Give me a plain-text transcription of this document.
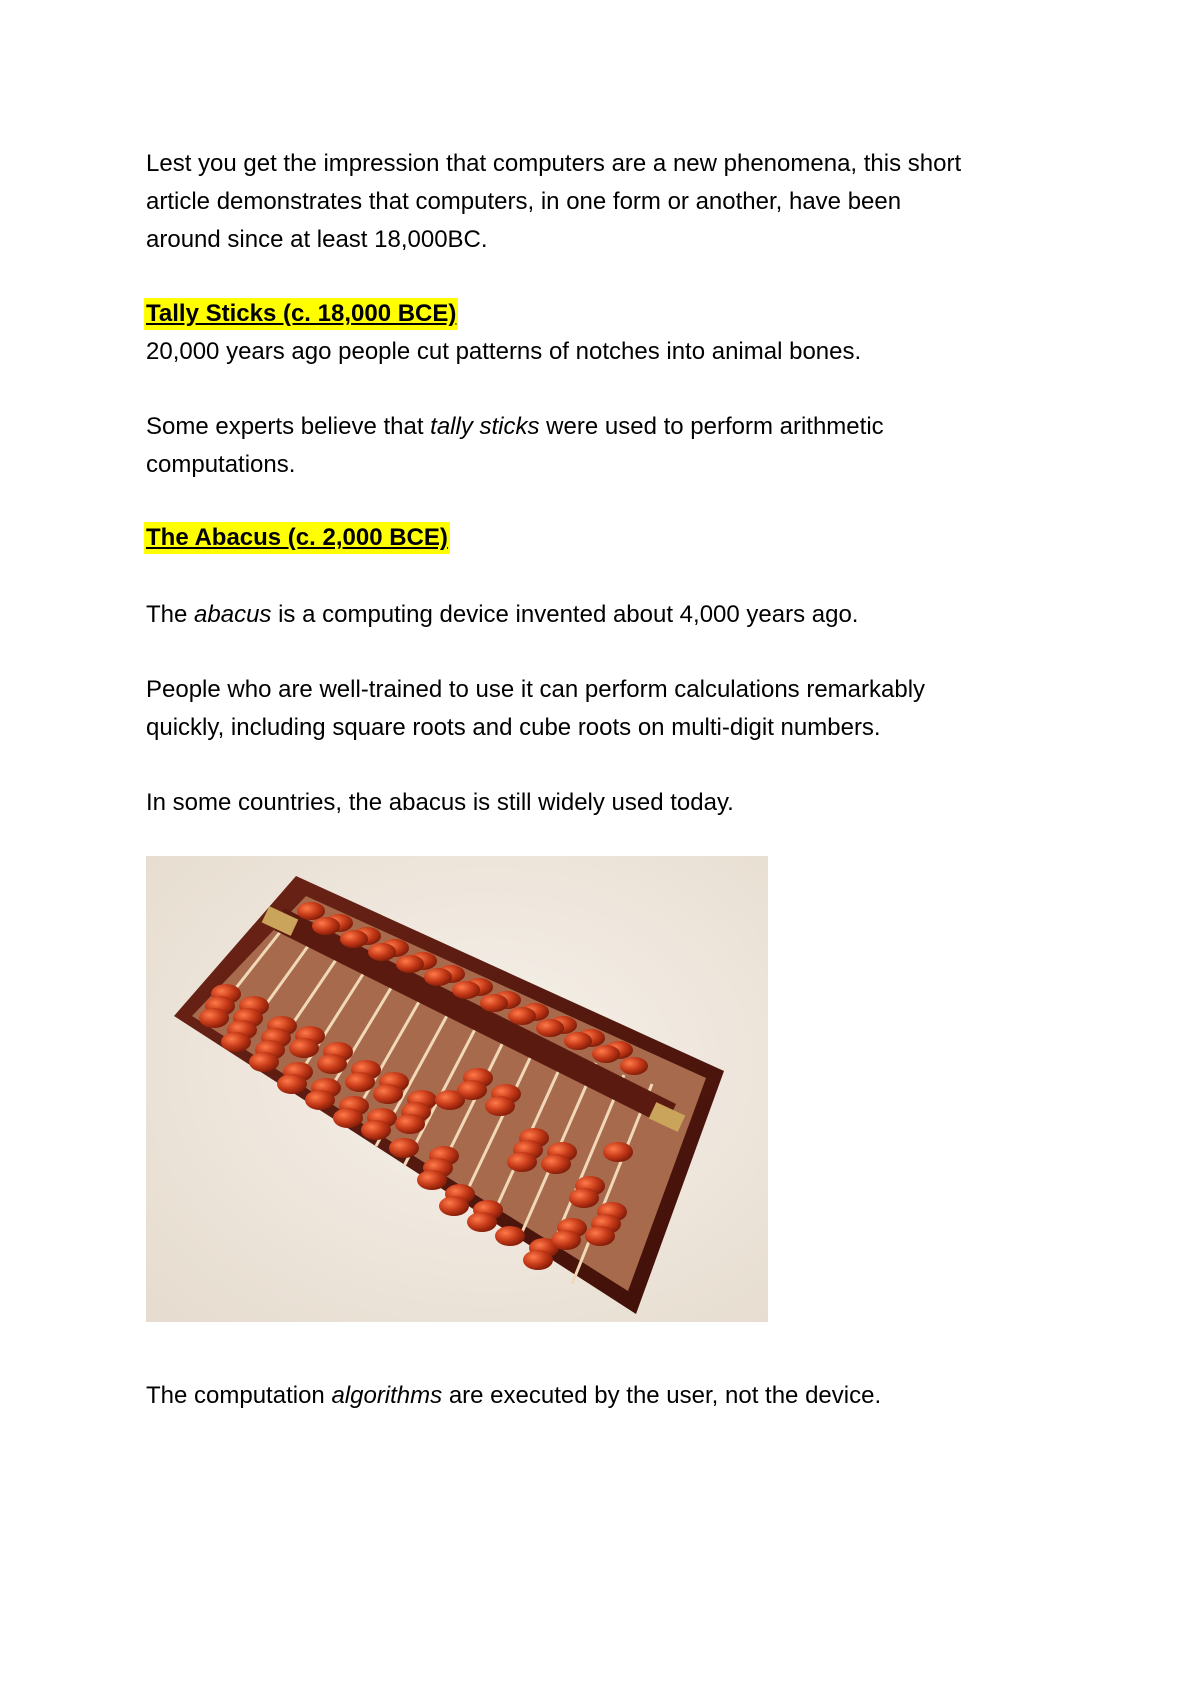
Lest you get the impression that computers are a new phenomena, this short

article demonstrates that computers, in one form or another, have been

around since at least 18,000BC.

Tally Sticks (c. 18,000 BCE)

20,000 years ago people cut patterns of notches into animal bones.

Some experts believe that tally sticks were used to perform arithmetic

computations.

The Abacus (c. 2,000 BCE)

The abacus is a computing device invented about 4,000 years ago.

People who are well-trained to use it can perform calculations remarkably

quickly, including square roots and cube roots on multi-digit numbers.

In some countries, the abacus is still widely used today.

The computation algorithms are executed by the user, not the device.
